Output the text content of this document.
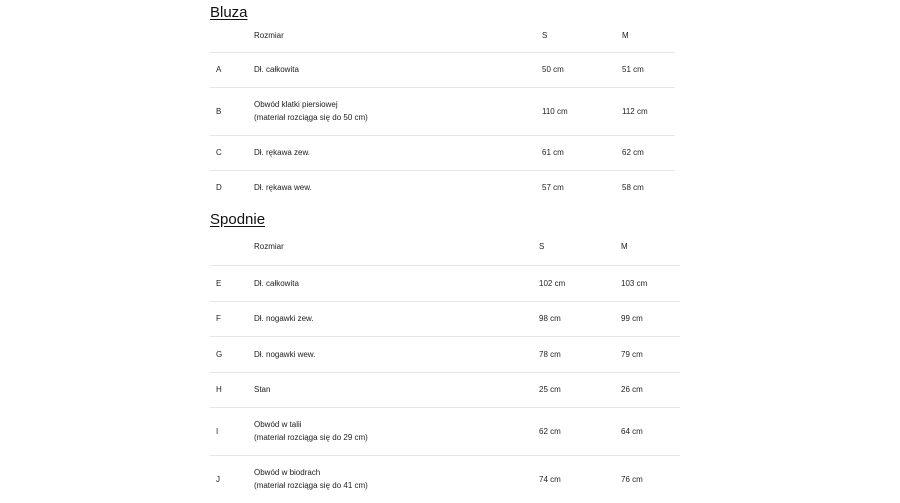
Bluza
	Rozmiar	S	M
A	Dł. całkowita	50 cm	51 cm
B	Obwód klatki piersiowej
(materiał rozciąga się do 50 cm)	110 cm	112 cm
C	Dł. rękawa zew.	61 cm	62 cm
D	Dł. rękawa wew.	57 cm	58 cm
Spodnie
	Rozmiar	S	M
E	Dł. całkowita	102 cm	103 cm
F	Dł. nogawki zew.	98 cm	99 cm
G	Dł. nogawki wew.	78 cm	79 cm
H	Stan	25 cm	26 cm
I	Obwód w talii
(materiał rozciąga się do 29 cm)	62 cm	64 cm
J	Obwód w biodrach
(materiał rozciąga się do 41 cm)	74 cm	76 cm
